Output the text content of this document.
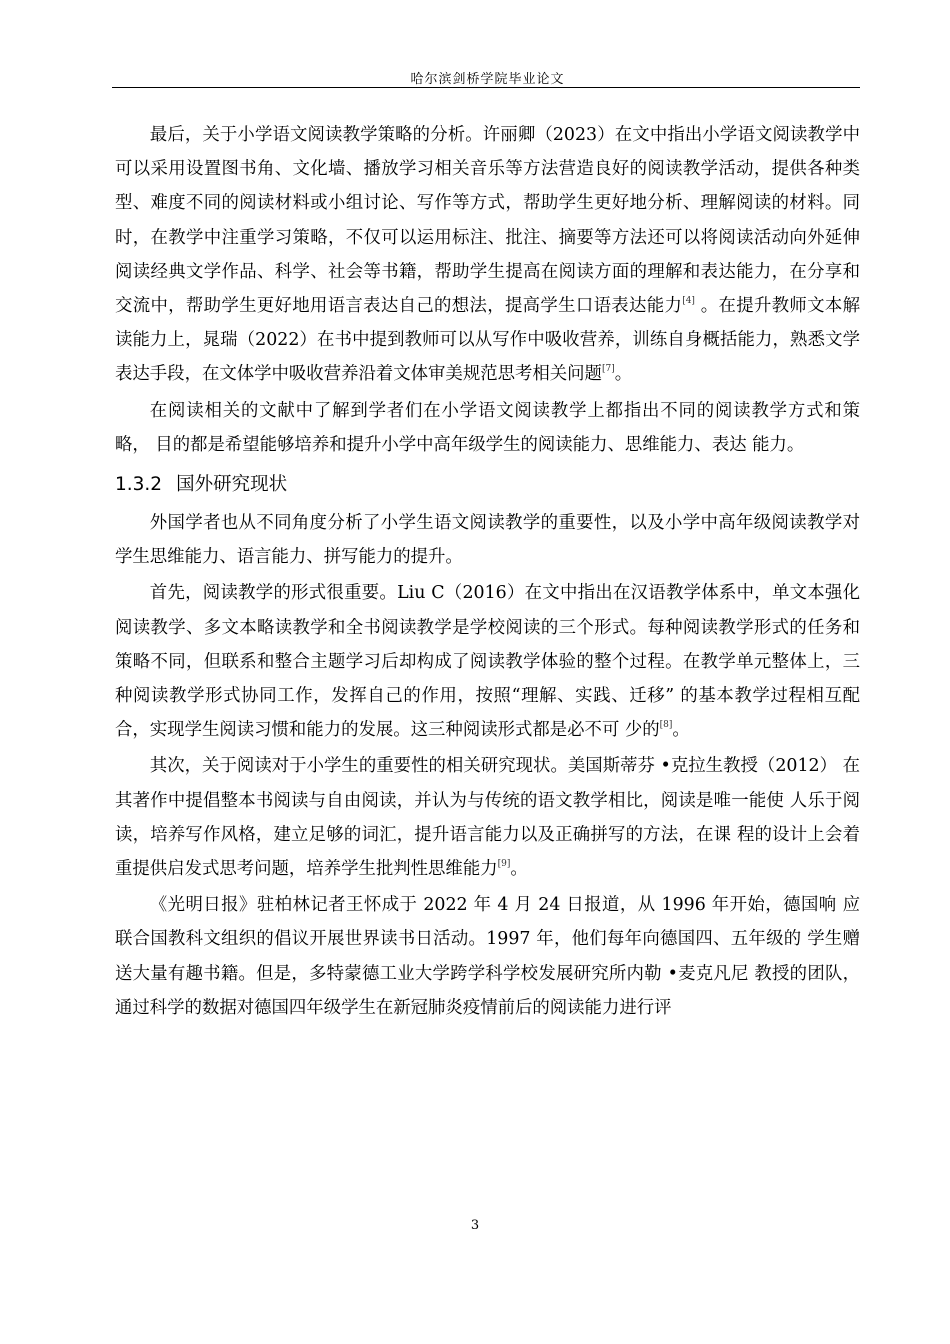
哈尔滨剑桥学院毕业论文

最后，关于小学语文阅读教学策略的分析。许丽卿（2023）在文中指出小学语文阅读教学中可以采用设置图书角、文化墙、播放学习相关音乐等方法营造良好的阅读教学活动，提供各种类型、难度不同的阅读材料或小组讨论、写作等方式，帮助学生更好地分析、理解阅读的材料。同时，在教学中注重学习策略，不仅可以运用标注、批注、摘要等方法还可以将阅读活动向外延伸阅读经典文学作品、科学、社会等书籍，帮助学生提高在阅读方面的理解和表达能力，在分享和交流中，帮助学生更好地用语言表达自己的想法，提高学生口语表达能力[4] 。在提升教师文本解读能力上，晁瑞（2022）在书中提到教师可以从写作中吸收营养，训练自身概括能力，熟悉文学表达手段，在文体学中吸收营养沿着文体审美规范思考相关问题[7]。

在阅读相关的文献中了解到学者们在小学语文阅读教学上都指出不同的阅读教学方式和策略， 目的都是希望能够培养和提升小学中高年级学生的阅读能力、思维能力、表达 能力。

1.3.2 国外研究现状

外国学者也从不同角度分析了小学生语文阅读教学的重要性，以及小学中高年级阅读教学对学生思维能力、语言能力、拼写能力的提升。

首先，阅读教学的形式很重要。Liu C（2016）在文中指出在汉语教学体系中，单文本强化阅读教学、多文本略读教学和全书阅读教学是学校阅读的三个形式。每种阅读教学形式的任务和策略不同，但联系和整合主题学习后却构成了阅读教学体验的整个过程。在教学单元整体上，三种阅读教学形式协同工作，发挥自己的作用，按照“理解、实践、迁移” 的基本教学过程相互配合，实现学生阅读习惯和能力的发展。这三种阅读形式都是必不可 少的[8]。

其次，关于阅读对于小学生的重要性的相关研究现状。美国斯蒂芬 •克拉生教授（2012） 在其著作中提倡整本书阅读与自由阅读，并认为与传统的语文教学相比，阅读是唯一能使 人乐于阅读，培养写作风格，建立足够的词汇，提升语言能力以及正确拼写的方法，在课 程的设计上会着重提供启发式思考问题，培养学生批判性思维能力[9]。

《光明日报》驻柏林记者王怀成于 2022 年 4 月 24 日报道，从 1996 年开始，德国响 应联合国教科文组织的倡议开展世界读书日活动。1997 年，他们每年向德国四、五年级的 学生赠送大量有趣书籍。但是，多特蒙德工业大学跨学科学校发展研究所内勒 •麦克凡尼 教授的团队，通过科学的数据对德国四年级学生在新冠肺炎疫情前后的阅读能力进行评

3
